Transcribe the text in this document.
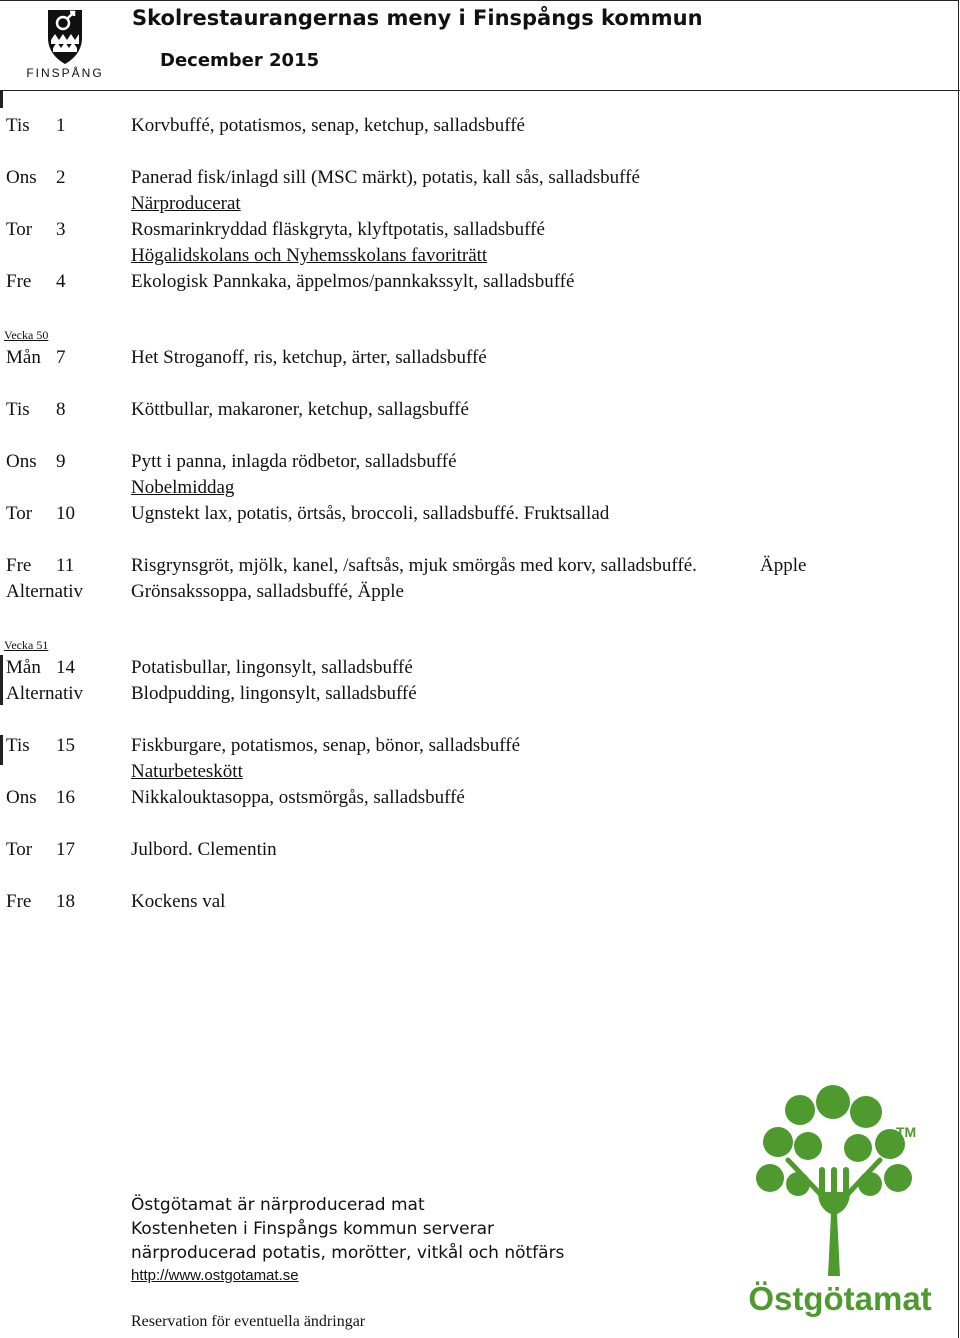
FINSPÅNG
Skolrestaurangernas meny i Finspångs kommun
December 2015
Tis 1	Korvbuffé, potatismos, senap, ketchup, salladsbuffé
Ons 2	Panerad fisk/inlagd sill (MSC märkt), potatis, kall sås, salladsbuffé
Närproducerat
Tor 3	Rosmarinkryddad fläskgryta, klyftpotatis, salladsbuffé
Högalidskolans och Nyhemsskolans favoriträtt
Fre 4	Ekologisk Pannkaka, äppelmos/pannkakssylt, salladsbuffé
Vecka 50
Mån 7	Het Stroganoff, ris, ketchup, ärter, salladsbuffé
Tis 8	Köttbullar, makaroner, ketchup, sallagsbuffé
Ons 9	Pytt i panna, inlagda rödbetor, salladsbuffé
Nobelmiddag
Tor 10	Ugnstekt lax, potatis, örtsås, broccoli, salladsbuffé. Fruktsallad
Fre 11	Risgrynsgröt, mjölk, kanel, /saftsås, mjuk smörgås med korv, salladsbuffé.	Äpple
Alternativ	Grönsakssoppa, salladsbuffé, Äpple
Vecka 51
Mån 14	Potatisbullar, lingonsylt, salladsbuffé
Alternativ	Blodpudding, lingonsylt, salladsbuffé
Tis 15	Fiskburgare, potatismos, senap, bönor, salladsbuffé
Naturbeteskött
Ons 16	Nikkalouktasoppa, ostsmörgås, salladsbuffé
Tor 17	Julbord. Clementin
Fre 18	Kockens val
Östgötamat är närproducerad mat
Kostenheten i Finspångs kommun serverar
närproducerad potatis, morötter, vitkål och nötfärs
http://www.ostgotamat.se
Reservation för eventuella ändringar
TM
Östgötamat
